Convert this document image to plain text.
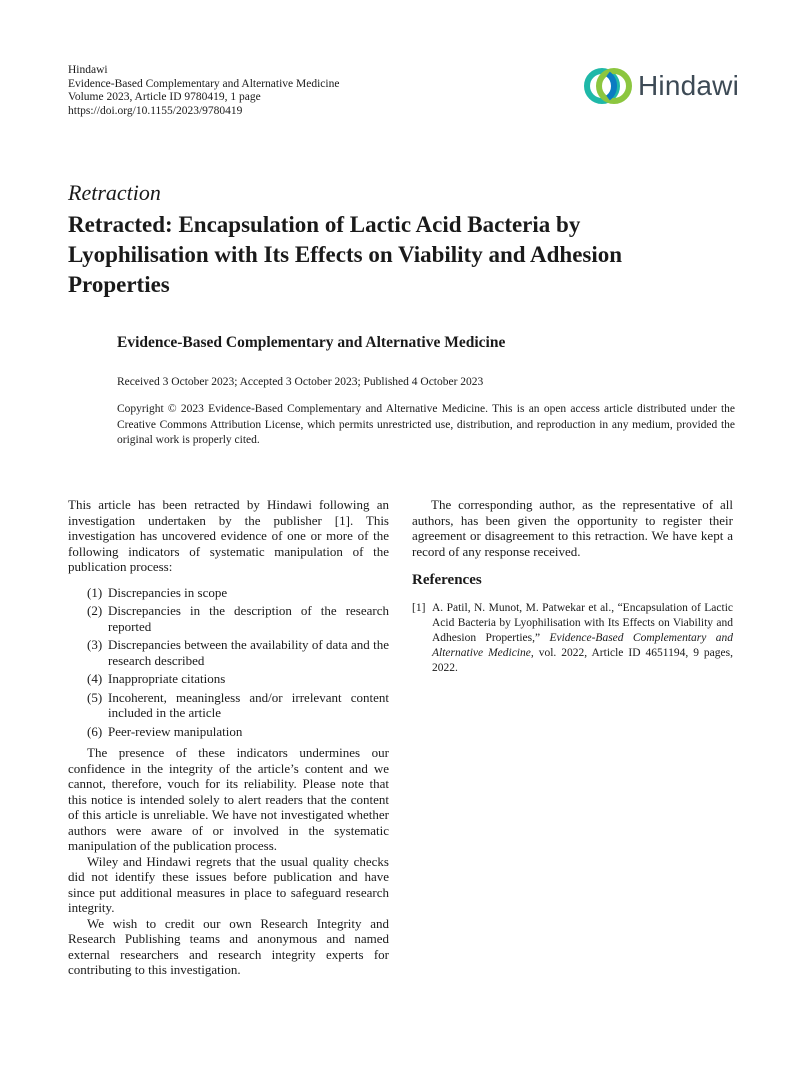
Hindawi
Evidence-Based Complementary and Alternative Medicine
Volume 2023, Article ID 9780419, 1 page
https://doi.org/10.1155/2023/9780419
Hindawi
Retraction
Retracted: Encapsulation of Lactic Acid Bacteria by Lyophilisation with Its Effects on Viability and Adhesion Properties
Evidence-Based Complementary and Alternative Medicine
Received 3 October 2023; Accepted 3 October 2023; Published 4 October 2023
Copyright © 2023 Evidence-Based Complementary and Alternative Medicine. This is an open access article distributed under the Creative Commons Attribution License, which permits unrestricted use, distribution, and reproduction in any medium, provided the original work is properly cited.

This article has been retracted by Hindawi following an investigation undertaken by the publisher [1]. This investigation has uncovered evidence of one or more of the following indicators of systematic manipulation of the publication process:

(1) Discrepancies in scope
(2) Discrepancies in the description of the research reported
(3) Discrepancies between the availability of data and the research described
(4) Inappropriate citations
(5) Incoherent, meaningless and/or irrelevant content included in the article
(6) Peer-review manipulation

The presence of these indicators undermines our confidence in the integrity of the article’s content and we cannot, therefore, vouch for its reliability. Please note that this notice is intended solely to alert readers that the content of this article is unreliable. We have not investigated whether authors were aware of or involved in the systematic manipulation of the publication process.

Wiley and Hindawi regrets that the usual quality checks did not identify these issues before publication and have since put additional measures in place to safeguard research integrity.

We wish to credit our own Research Integrity and Research Publishing teams and anonymous and named external researchers and research integrity experts for contributing to this investigation.

The corresponding author, as the representative of all authors, has been given the opportunity to register their agreement or disagreement to this retraction. We have kept a record of any response received.

References
[1] A. Patil, N. Munot, M. Patwekar et al., “Encapsulation of Lactic Acid Bacteria by Lyophilisation with Its Effects on Viability and Adhesion Properties,” Evidence-Based Complementary and Alternative Medicine, vol. 2022, Article ID 4651194, 9 pages, 2022.
